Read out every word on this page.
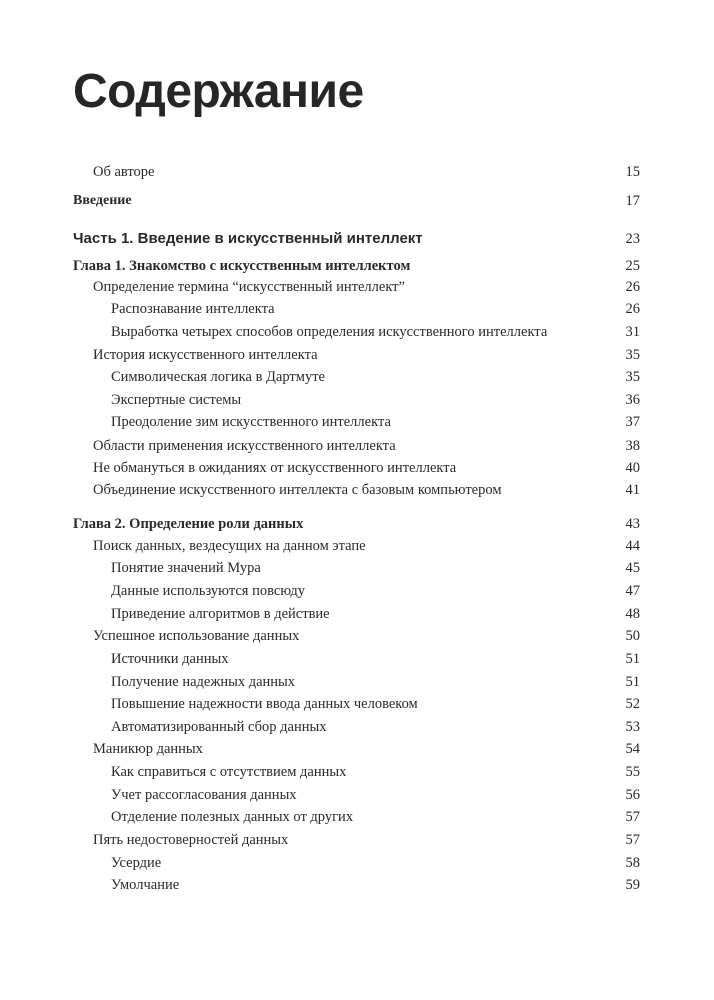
Содержание
Об авторе	15
Введение	17
Часть 1. Введение в искусственный интеллект	23
Глава 1. Знакомство с искусственным интеллектом	25
Определение термина “искусственный интеллект”	26
Распознавание интеллекта	26
Выработка четырех способов определения искусственного интеллекта	31
История искусственного интеллекта	35
Символическая логика в Дартмуте	35
Экспертные системы	36
Преодоление зим искусственного интеллекта	37
Области применения искусственного интеллекта	38
Не обмануться в ожиданиях от искусственного интеллекта	40
Объединение искусственного интеллекта с базовым компьютером	41
Глава 2. Определение роли данных	43
Поиск данных, вездесущих на данном этапе	44
Понятие значений Мура	45
Данные используются повсюду	47
Приведение алгоритмов в действие	48
Успешное использование данных	50
Источники данных	51
Получение надежных данных	51
Повышение надежности ввода данных человеком	52
Автоматизированный сбор данных	53
Маникюр данных	54
Как справиться с отсутствием данных	55
Учет рассогласования данных	56
Отделение полезных данных от других	57
Пять недостоверностей данных	57
Усердие	58
Умолчание	59
